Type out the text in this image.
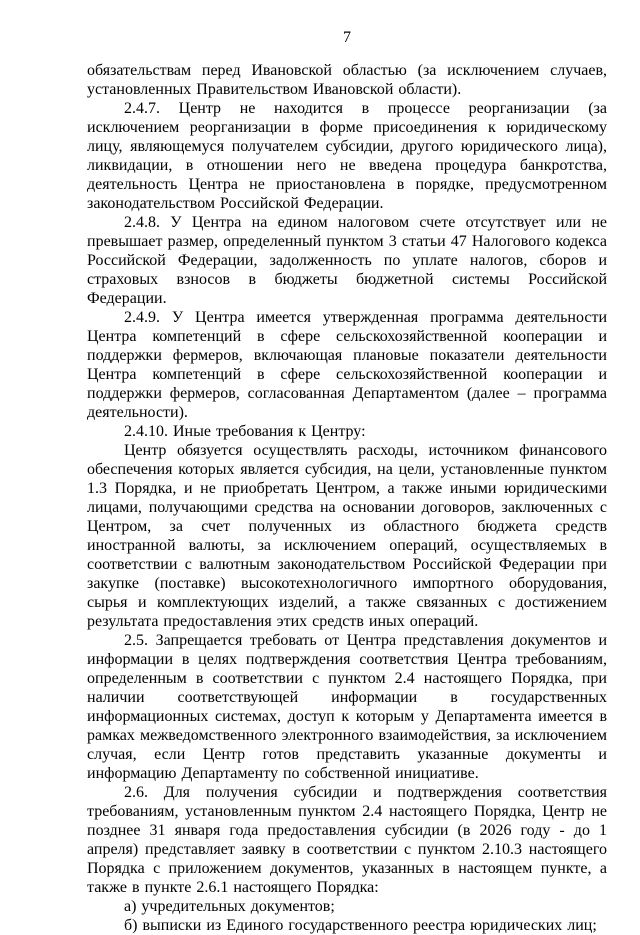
7

обязательствам перед Ивановской областью (за исключением случаев, установленных Правительством Ивановской области).

2.4.7. Центр не находится в процессе реорганизации (за исключением реорганизации в форме присоединения к юридическому лицу, являющемуся получателем субсидии, другого юридического лица), ликвидации, в отношении него не введена процедура банкротства, деятельность Центра не приостановлена в порядке, предусмотренном законодательством Российской Федерации.

2.4.8. У Центра на едином налоговом счете отсутствует или не превышает размер, определенный пунктом 3 статьи 47 Налогового кодекса Российской Федерации, задолженность по уплате налогов, сборов и страховых взносов в бюджеты бюджетной системы Российской Федерации.

2.4.9. У Центра имеется утвержденная программа деятельности Центра компетенций в сфере сельскохозяйственной кооперации и поддержки фермеров, включающая плановые показатели деятельности Центра компетенций в сфере сельскохозяйственной кооперации и поддержки фермеров, согласованная Департаментом (далее – программа деятельности).

2.4.10. Иные требования к Центру:

Центр обязуется осуществлять расходы, источником финансового обеспечения которых является субсидия, на цели, установленные пунктом 1.3 Порядка, и не приобретать Центром, а также иными юридическими лицами, получающими средства на основании договоров, заключенных с Центром, за счет полученных из областного бюджета средств иностранной валюты, за исключением операций, осуществляемых в соответствии с валютным законодательством Российской Федерации при закупке (поставке) высокотехнологичного импортного оборудования, сырья и комплектующих изделий, а также связанных с достижением результата предоставления этих средств иных операций.

2.5. Запрещается требовать от Центра представления документов и информации в целях подтверждения соответствия Центра требованиям, определенным в соответствии с пунктом 2.4 настоящего Порядка, при наличии соответствующей информации в государственных информационных системах, доступ к которым у Департамента имеется в рамках межведомственного электронного взаимодействия, за исключением случая, если Центр готов представить указанные документы и информацию Департаменту по собственной инициативе.

2.6. Для получения субсидии и подтверждения соответствия требованиям, установленным пунктом 2.4 настоящего Порядка, Центр не позднее 31 января года предоставления субсидии (в 2026 году - до 1 апреля) представляет заявку в соответствии с пунктом 2.10.3 настоящего Порядка с приложением документов, указанных в настоящем пункте, а также в пункте 2.6.1 настоящего Порядка:

а) учредительных документов;

б) выписки из Единого государственного реестра юридических лиц;
